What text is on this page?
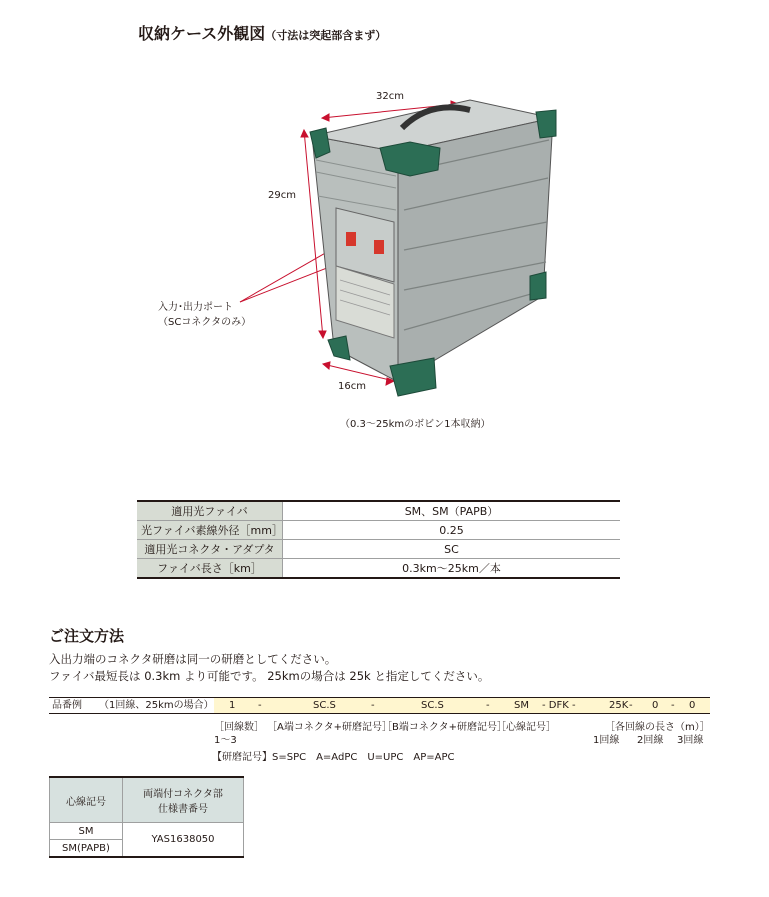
収納ケース外観図（寸法は突起部含まず）
32cm
29cm
16cm
入力･出力ポート
（SCコネクタのみ）
（0.3～25kmのボビン1本収納）
適用光ファイバ	SM、SM（PAPB）
光ファイバ素線外径［mm］	0.25
適用光コネクタ・アダプタ	SC
ファイバ長さ［km］	0.3km～25km／本
ご注文方法
入出力端のコネクタ研磨は同一の研磨としてください。
ファイバ最短長は 0.3km より可能です。 25kmの場合は 25k と指定してください。
品番例 （1回線、25kmの場合） 1 -	SC.S	-	SC.S	- SM - DFK -	25K - 0 - 0
［回線数］
1～3
［A端コネクタ+研磨記号］
［B端コネクタ+研磨記号］
［心線記号］	［各回線の長さ（m）］
1回線 2回線 3回線
【研磨記号】S=SPC　A=AdPC　U=UPC　AP=APC
心線記号	両端付コネクタ部
仕様書番号

SM	YAS1638050
SM(PAPB)	
